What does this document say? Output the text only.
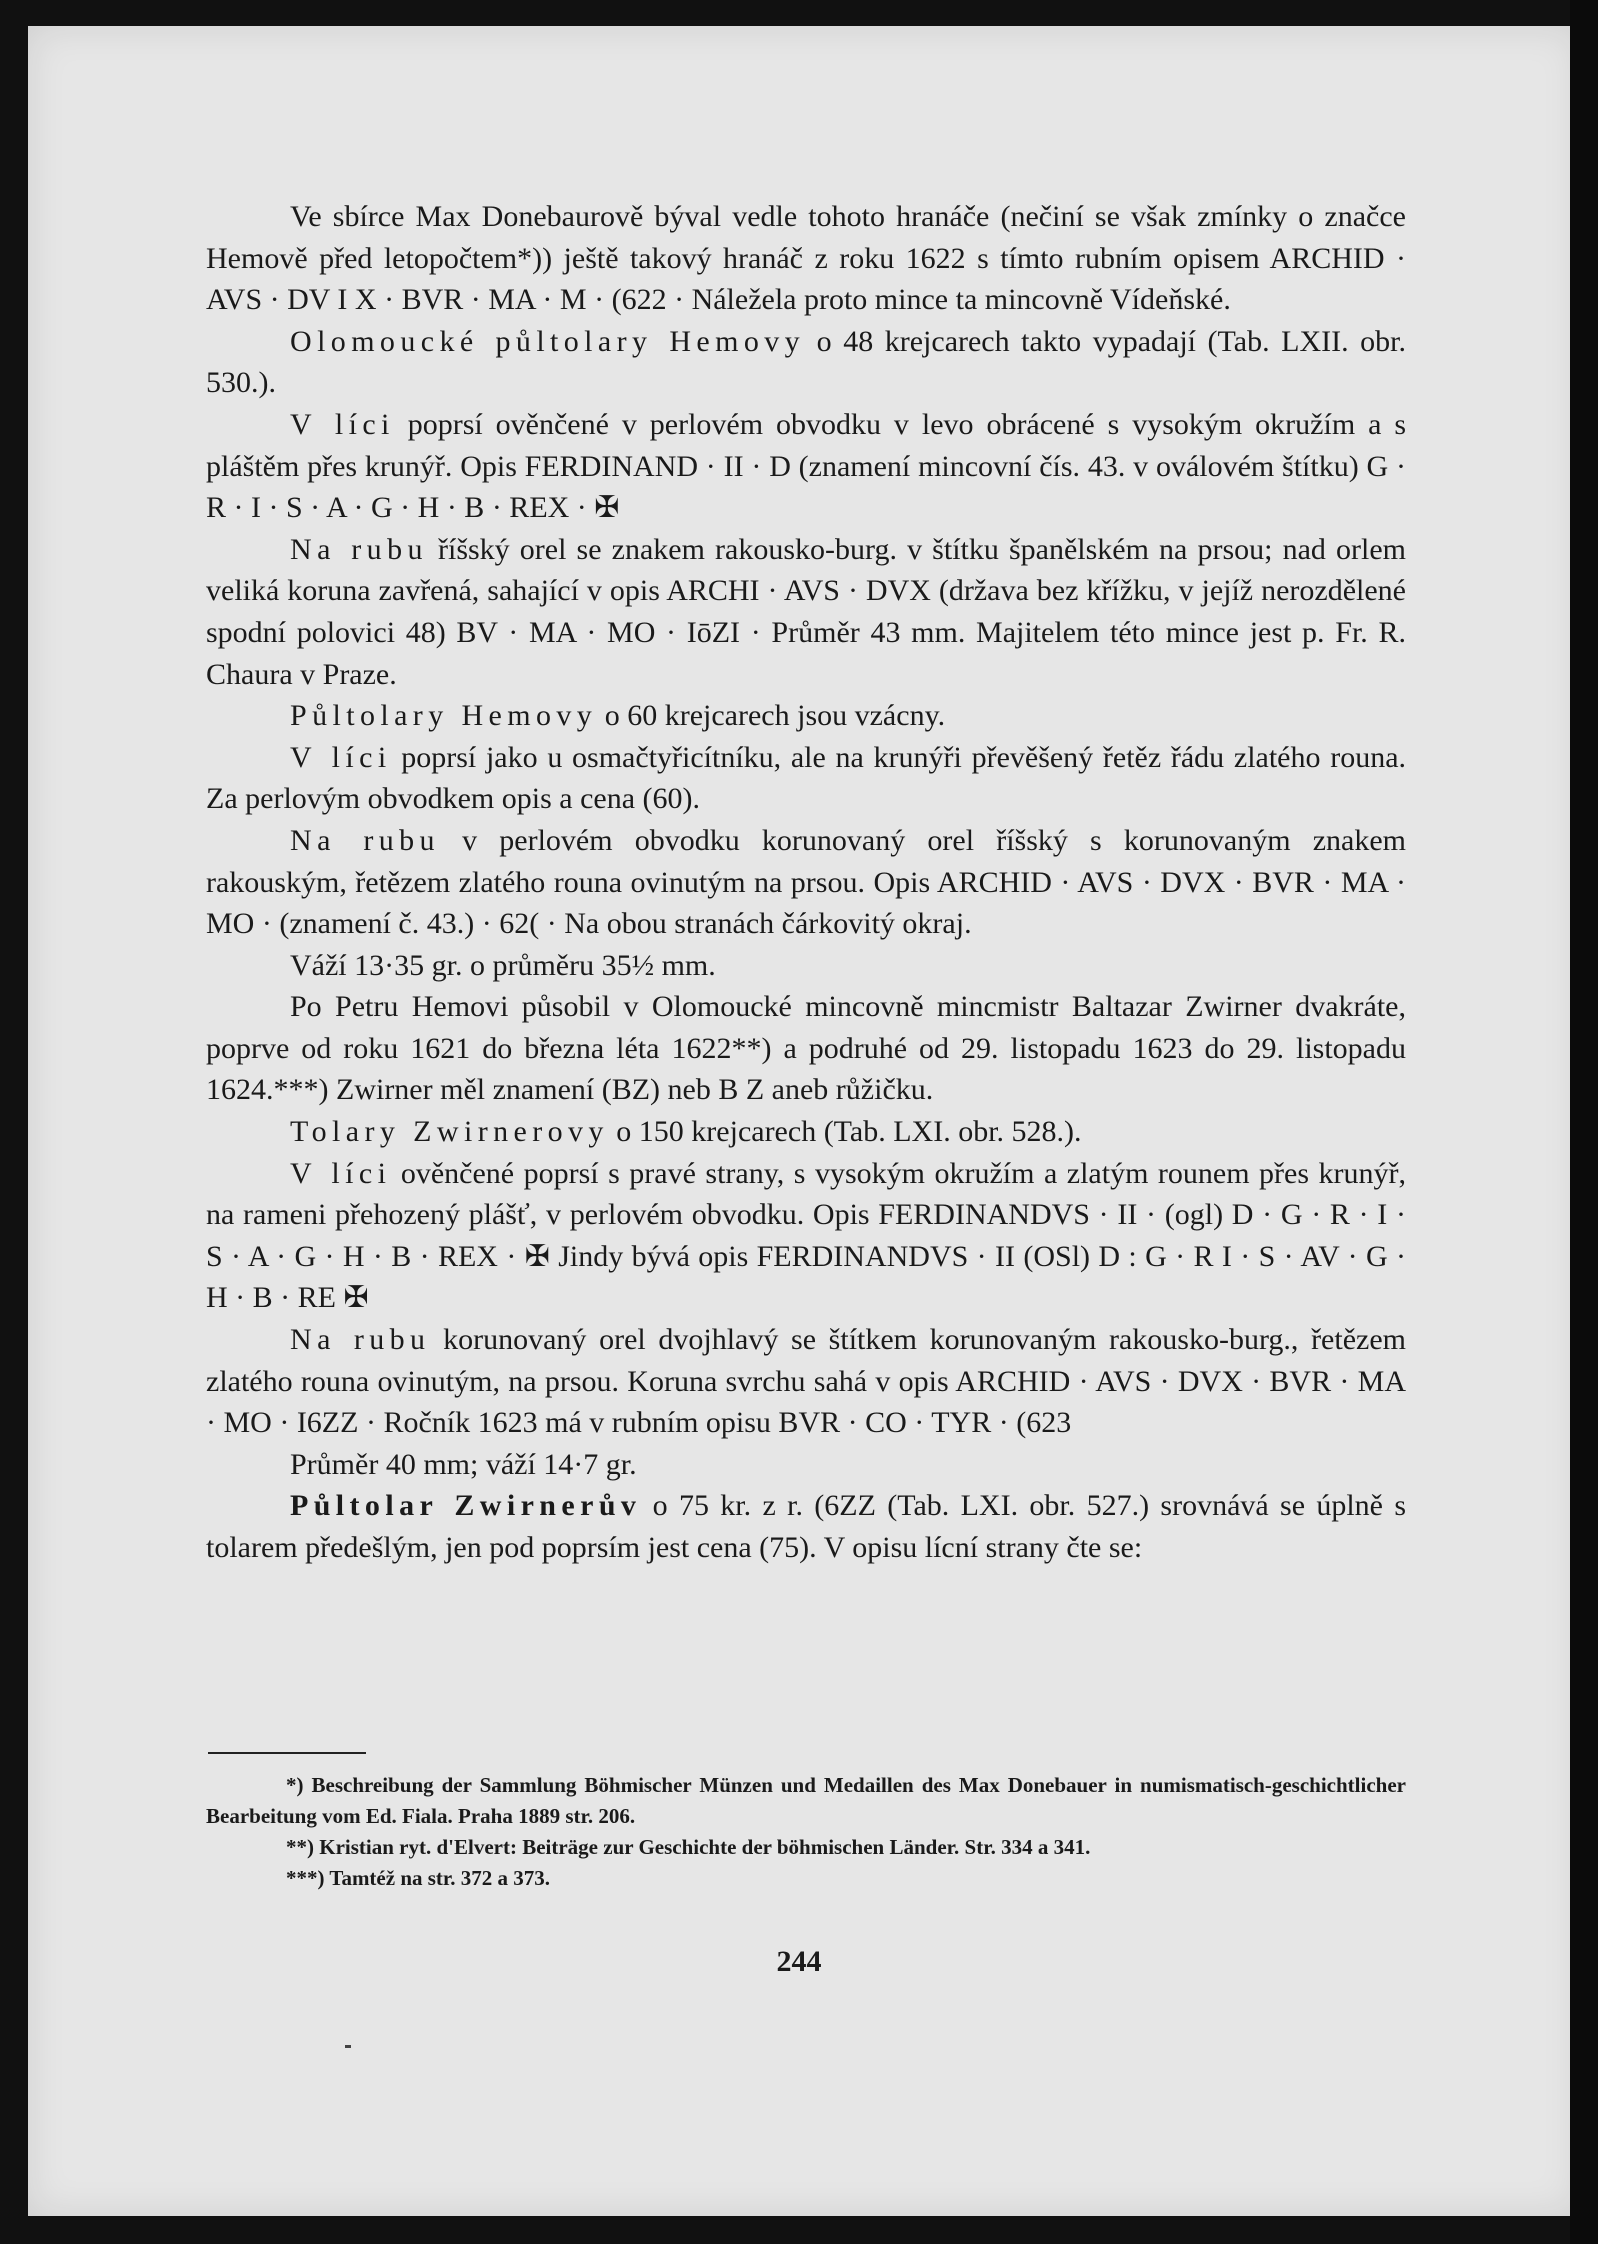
Ve sbírce Max Donebaurově býval vedle tohoto hranáče (nečiní se však zmínky o značce Hemově před letopočtem*)) ještě takový hranáč z roku 1622 s tímto rubním opisem ARCHID · AVS · DV I X · BVR · MA · M · (622 · Náležela proto mince ta mincovně Vídeňské.

Olomoucké půltolary Hemovy o 48 krejcarech takto vypadají (Tab. LXII. obr. 530.).

V líci poprsí ověnčené v perlovém obvodku v levo obrácené s vysokým okružím a s pláštěm přes krunýř. Opis FERDINAND · II · D (znamení mincovní čís. 43. v oválovém štítku) G · R · I · S · A · G · H · B · REX · ✠

Na rubu říšský orel se znakem rakousko-burg. v štítku španělském na prsou; nad orlem veliká koruna zavřená, sahající v opis ARCHI · AVS · DVX (država bez křížku, v jejíž nerozdělené spodní polovici 48) BV · MA · MO · IōZI · Průměr 43 mm. Majitelem této mince jest p. Fr. R. Chaura v Praze.

Půltolary Hemovy o 60 krejcarech jsou vzácny.

V líci poprsí jako u osmačtyřicítníku, ale na krunýři převěšený řetěz řádu zlatého rouna. Za perlovým obvodkem opis a cena (60).

Na rubu v perlovém obvodku korunovaný orel říšský s korunovaným znakem rakouským, řetězem zlatého rouna ovinutým na prsou. Opis ARCHID · AVS · DVX · BVR · MA · MO · (znamení č. 43.) · 62( · Na obou stranách čárkovitý okraj.

Váží 13·35 gr. o průměru 35½ mm.

Po Petru Hemovi působil v Olomoucké mincovně mincmistr Baltazar Zwirner dvakráte, poprve od roku 1621 do března léta 1622**) a podruhé od 29. listopadu 1623 do 29. listopadu 1624.***) Zwirner měl znamení (BZ) neb B Z aneb růžičku.

Tolary Zwirnerovy o 150 krejcarech (Tab. LXI. obr. 528.).

V líci ověnčené poprsí s pravé strany, s vysokým okružím a zlatým rounem přes krunýř, na rameni přehozený plášť, v perlovém obvodku. Opis FERDINANDVS · II · (ogl) D · G · R · I · S · A · G · H · B · REX · ✠ Jindy bývá opis FERDINANDVS · II (OSl) D : G · R I · S · AV · G · H · B · RE ✠

Na rubu korunovaný orel dvojhlavý se štítkem korunovaným rakousko-burg., řetězem zlatého rouna ovinutým, na prsou. Koruna svrchu sahá v opis ARCHID · AVS · DVX · BVR · MA · MO · I6ZZ · Ročník 1623 má v rubním opisu BVR · CO · TYR · (623

Průměr 40 mm; váží 14·7 gr.

Půltolar Zwirnerův o 75 kr. z r. (6ZZ (Tab. LXI. obr. 527.) srovnává se úplně s tolarem předešlým, jen pod poprsím jest cena (75). V opisu lícní strany čte se:

*) Beschreibung der Sammlung Böhmischer Münzen und Medaillen des Max Donebauer in numismatisch-geschichtlicher Bearbeitung vom Ed. Fiala. Praha 1889 str. 206.

**) Kristian ryt. d'Elvert: Beiträge zur Geschichte der böhmischen Länder. Str. 334 a 341.

***) Tamtéž na str. 372 a 373.

244
